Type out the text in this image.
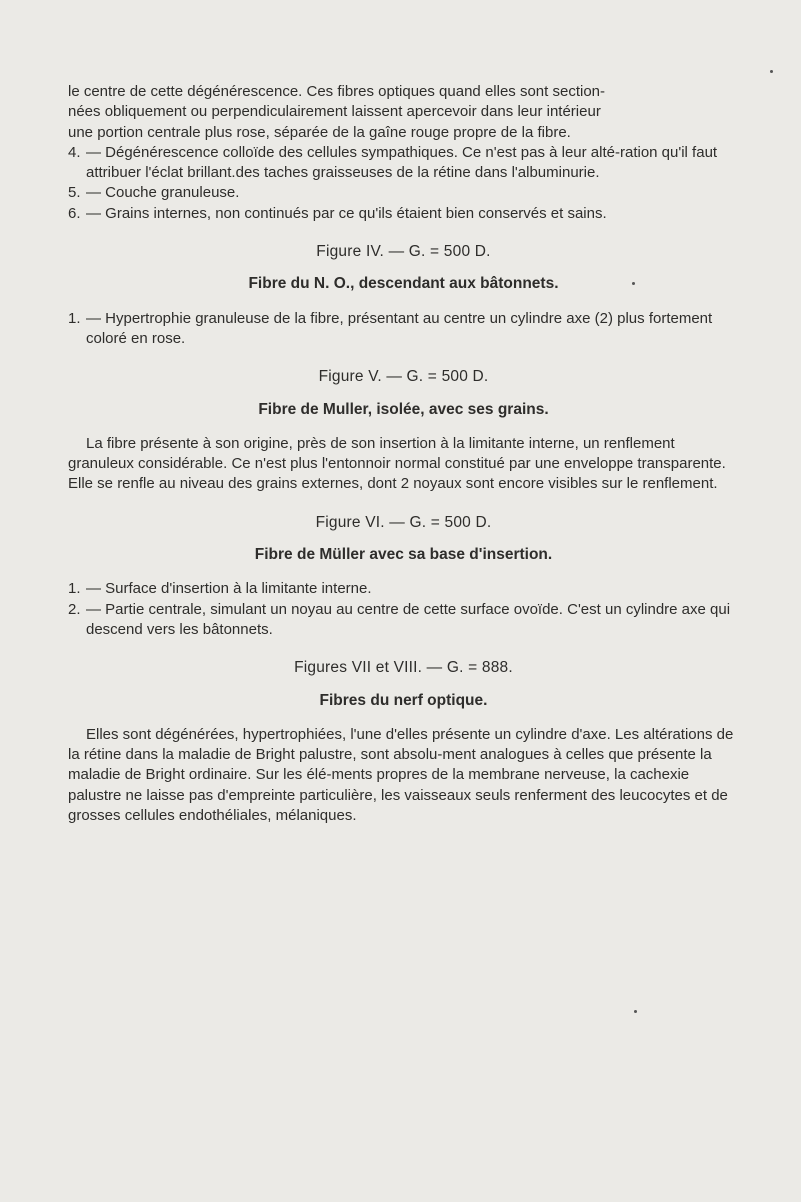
le centre de cette dégénérescence. Ces fibres optiques quand elles sont section-

nées obliquement ou perpendiculairement laissent apercevoir dans leur intérieur

une portion centrale plus rose, séparée de la gaîne rouge propre de la fibre.

4. — Dégénérescence colloïde des cellules sympathiques. Ce n'est pas à leur alté-ration qu'il faut attribuer l'éclat brillant.des taches graisseuses de la rétine dans l'albuminurie.
5. — Couche granuleuse.
6. — Grains internes, non continués par ce qu'ils étaient bien conservés et sains.

Figure IV. — G. = 500 D.

Fibre du N. O., descendant aux bâtonnets.

1. — Hypertrophie granuleuse de la fibre, présentant au centre un cylindre axe (2) plus fortement coloré en rose.

Figure V. — G. = 500 D.

Fibre de Muller, isolée, avec ses grains.

La fibre présente à son origine, près de son insertion à la limitante interne, un renflement granuleux considérable. Ce n'est plus l'entonnoir normal constitué par une enveloppe transparente. Elle se renfle au niveau des grains externes, dont 2 noyaux sont encore visibles sur le renflement.

Figure VI. — G. = 500 D.

Fibre de Müller avec sa base d'insertion.

1. — Surface d'insertion à la limitante interne.
2. — Partie centrale, simulant un noyau au centre de cette surface ovoïde. C'est un cylindre axe qui descend vers les bâtonnets.

Figures VII et VIII. — G. = 888.

Fibres du nerf optique.

Elles sont dégénérées, hypertrophiées, l'une d'elles présente un cylindre d'axe. Les altérations de la rétine dans la maladie de Bright palustre, sont absolu-ment analogues à celles que présente la maladie de Bright ordinaire. Sur les élé-ments propres de la membrane nerveuse, la cachexie palustre ne laisse pas d'empreinte particulière, les vaisseaux seuls renferment des leucocytes et de grosses cellules endothéliales, mélaniques.
